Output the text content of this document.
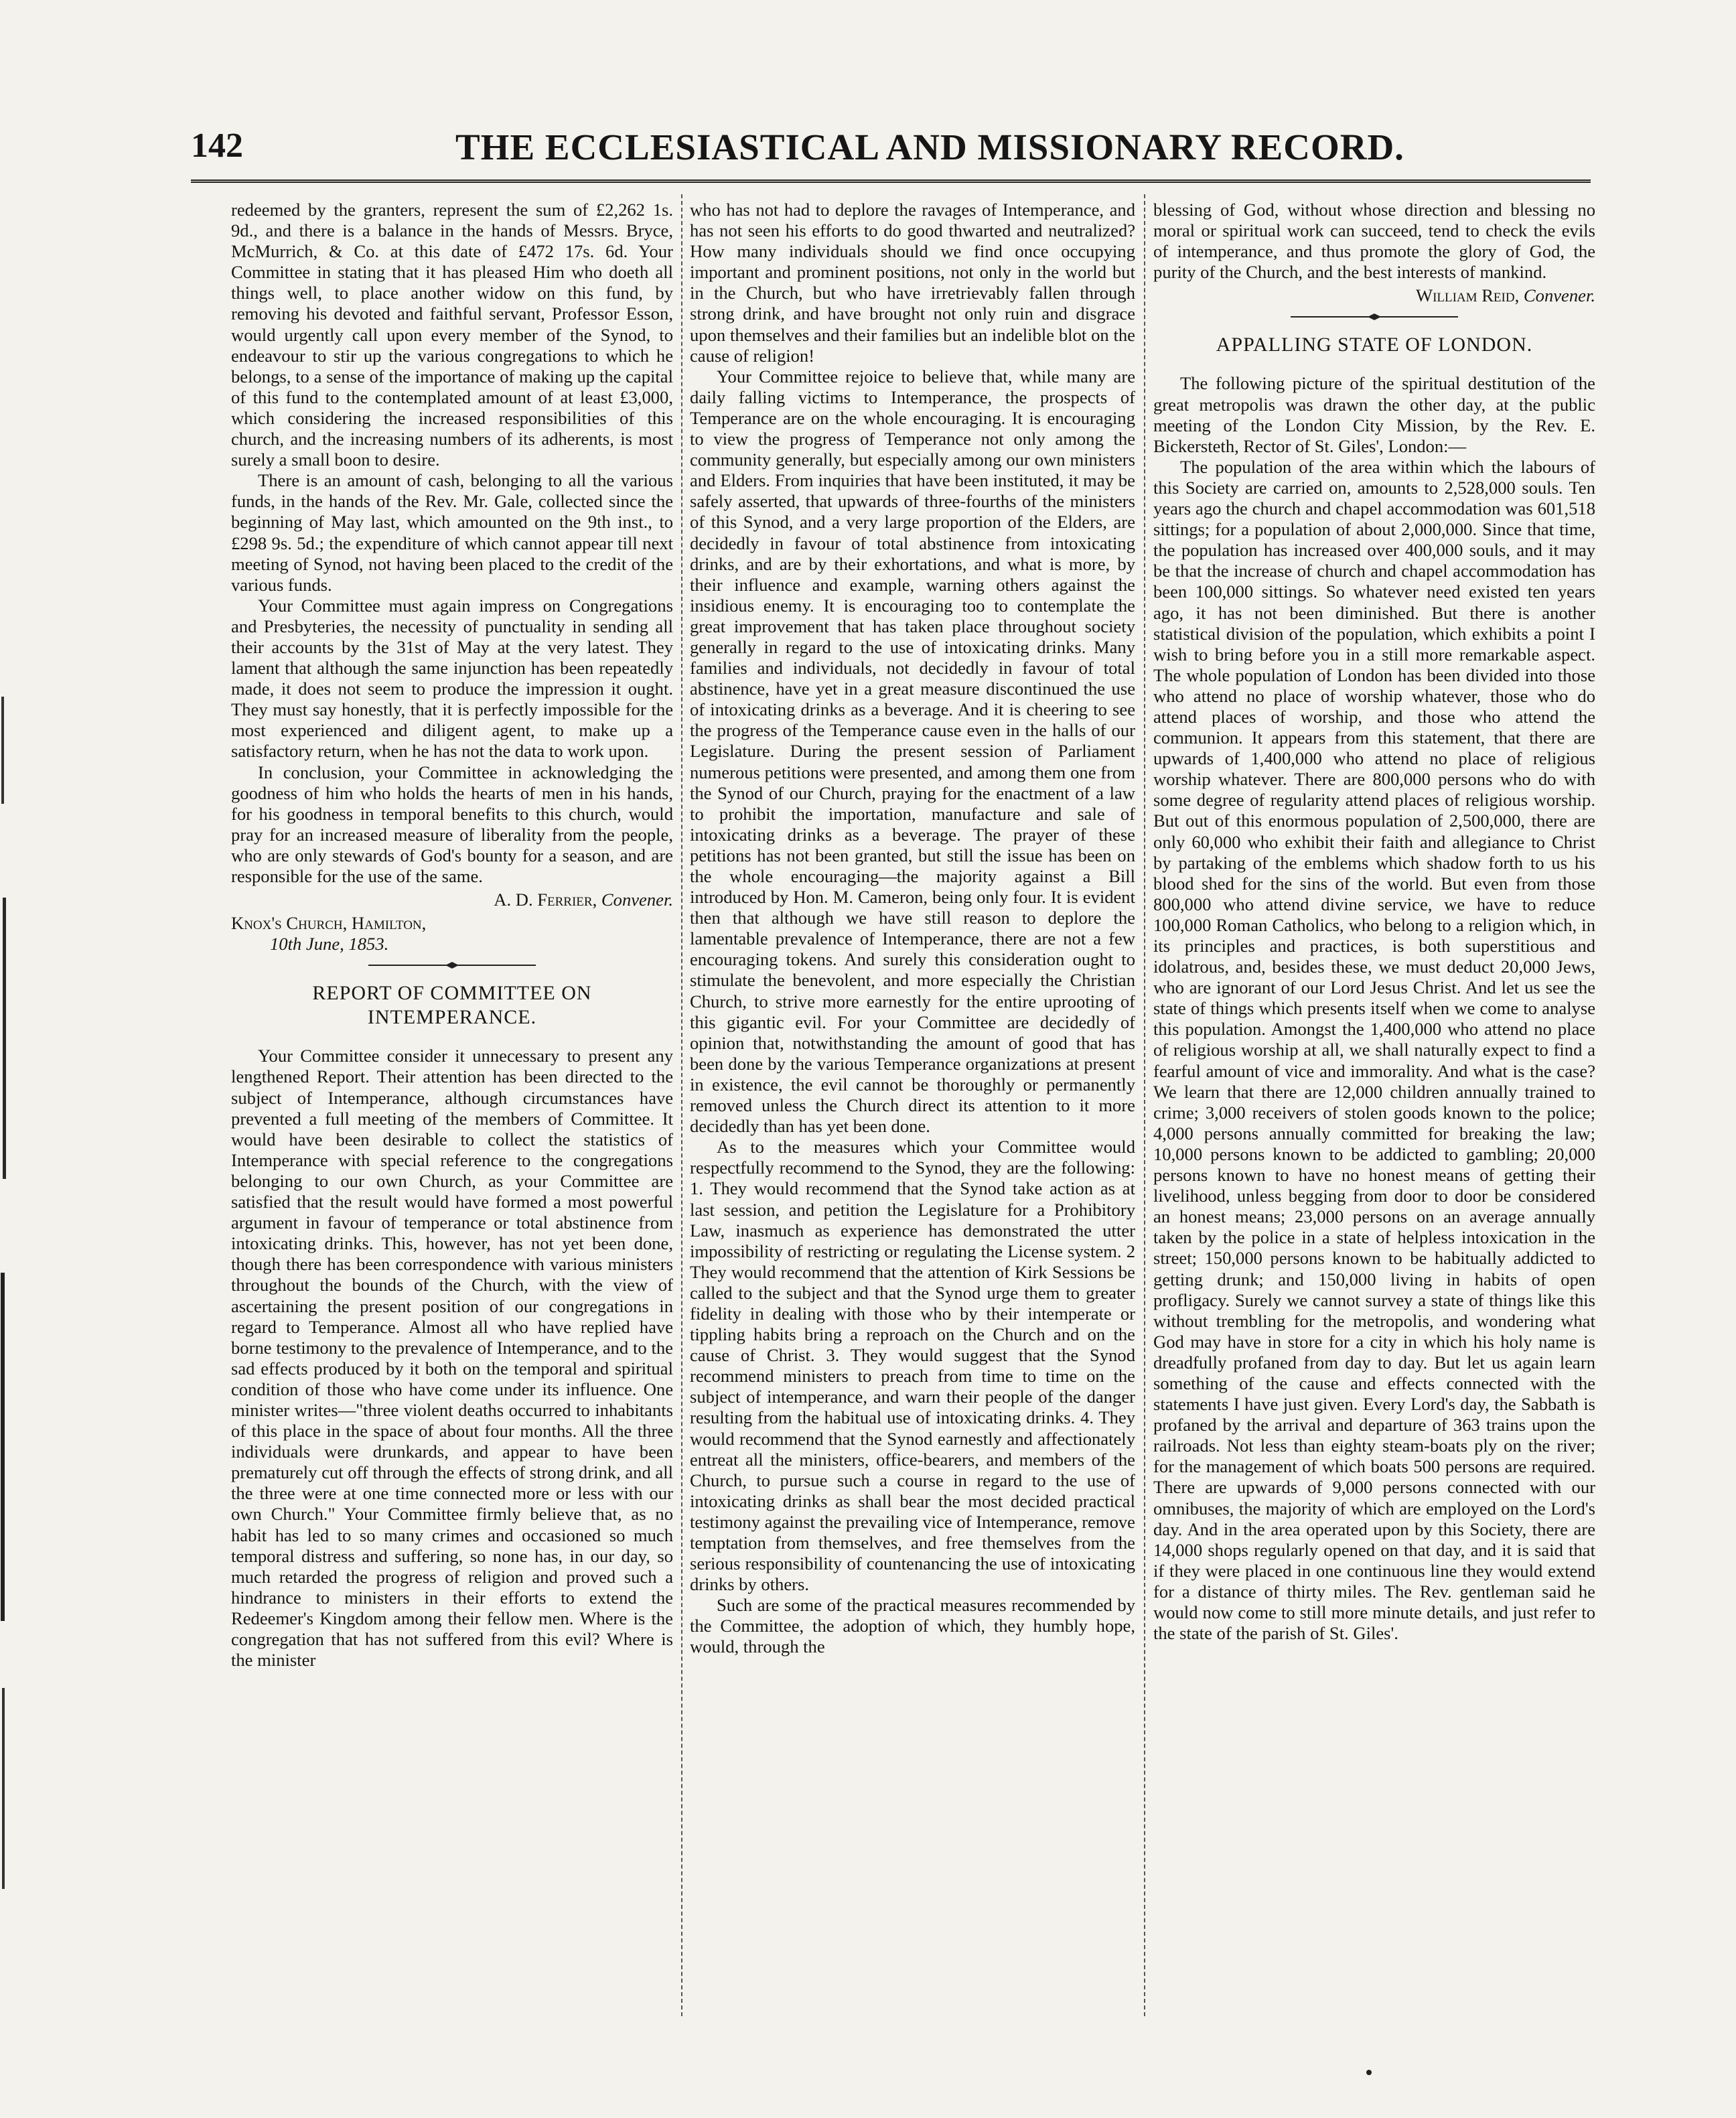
142	THE ECCLESIASTICAL AND MISSIONARY RECORD.

redeemed by the granters, represent the sum of £2,262 1s. 9d., and there is a balance in the hands of Messrs. Bryce, McMurrich, & Co. at this date of £472 17s. 6d. Your Committee in stating that it has pleased Him who doeth all things well, to place another widow on this fund, by removing his devoted and faithful servant, Professor Esson, would urgently call upon every member of the Synod, to endeavour to stir up the various congregations to which he belongs, to a sense of the importance of making up the capital of this fund to the contemplated amount of at least £3,000, which considering the increased responsibilities of this church, and the increasing numbers of its adherents, is most surely a small boon to desire.

There is an amount of cash, belonging to all the various funds, in the hands of the Rev. Mr. Gale, collected since the beginning of May last, which amounted on the 9th inst., to £298 9s. 5d.; the expenditure of which cannot appear till next meeting of Synod, not having been placed to the credit of the various funds.

Your Committee must again impress on Congregations and Presbyteries, the necessity of punctuality in sending all their accounts by the 31st of May at the very latest. They lament that although the same injunction has been repeatedly made, it does not seem to produce the impression it ought. They must say honestly, that it is perfectly impossible for the most experienced and diligent agent, to make up a satisfactory return, when he has not the data to work upon.

In conclusion, your Committee in acknowledging the goodness of him who holds the hearts of men in his hands, for his goodness in temporal benefits to this church, would pray for an increased measure of liberality from the people, who are only stewards of God's bounty for a season, and are responsible for the use of the same.

A. D. Ferrier, Convener.
Knox's Church, Hamilton,
10th June, 1853.
REPORT OF COMMITTEE ON INTEMPERANCE.

Your Committee consider it unnecessary to present any lengthened Report. Their attention has been directed to the subject of Intemperance, although circumstances have prevented a full meeting of the members of Committee. It would have been desirable to collect the statistics of Intemperance with special reference to the congregations belonging to our own Church, as your Committee are satisfied that the result would have formed a most powerful argument in favour of temperance or total abstinence from intoxicating drinks. This, however, has not yet been done, though there has been correspondence with various ministers throughout the bounds of the Church, with the view of ascertaining the present position of our congregations in regard to Temperance. Almost all who have replied have borne testimony to the prevalence of Intemperance, and to the sad effects produced by it both on the temporal and spiritual condition of those who have come under its influence. One minister writes—"three violent deaths occurred to inhabitants of this place in the space of about four months. All the three individuals were drunkards, and appear to have been prematurely cut off through the effects of strong drink, and all the three were at one time connected more or less with our own Church." Your Committee firmly believe that, as no habit has led to so many crimes and occasioned so much temporal distress and suffering, so none has, in our day, so much retarded the progress of religion and proved such a hindrance to ministers in their efforts to extend the Redeemer's Kingdom among their fellow men. Where is the congregation that has not suffered from this evil? Where is the minister

who has not had to deplore the ravages of Intemperance, and has not seen his efforts to do good thwarted and neutralized? How many individuals should we find once occupying important and prominent positions, not only in the world but in the Church, but who have irretrievably fallen through strong drink, and have brought not only ruin and disgrace upon themselves and their families but an indelible blot on the cause of religion!

Your Committee rejoice to believe that, while many are daily falling victims to Intemperance, the prospects of Temperance are on the whole encouraging. It is encouraging to view the progress of Temperance not only among the community generally, but especially among our own ministers and Elders. From inquiries that have been instituted, it may be safely asserted, that upwards of three-fourths of the ministers of this Synod, and a very large proportion of the Elders, are decidedly in favour of total abstinence from intoxicating drinks, and are by their exhortations, and what is more, by their influence and example, warning others against the insidious enemy. It is encouraging too to contemplate the great improvement that has taken place throughout society generally in regard to the use of intoxicating drinks. Many families and individuals, not decidedly in favour of total abstinence, have yet in a great measure discontinued the use of intoxicating drinks as a beverage. And it is cheering to see the progress of the Temperance cause even in the halls of our Legislature. During the present session of Parliament numerous petitions were presented, and among them one from the Synod of our Church, praying for the enactment of a law to prohibit the importation, manufacture and sale of intoxicating drinks as a beverage. The prayer of these petitions has not been granted, but still the issue has been on the whole encouraging—the majority against a Bill introduced by Hon. M. Cameron, being only four. It is evident then that although we have still reason to deplore the lamentable prevalence of Intemperance, there are not a few encouraging tokens. And surely this consideration ought to stimulate the benevolent, and more especially the Christian Church, to strive more earnestly for the entire uprooting of this gigantic evil. For your Committee are decidedly of opinion that, notwithstanding the amount of good that has been done by the various Temperance organizations at present in existence, the evil cannot be thoroughly or permanently removed unless the Church direct its attention to it more decidedly than has yet been done.

As to the measures which your Committee would respectfully recommend to the Synod, they are the following: 1. They would recommend that the Synod take action as at last session, and petition the Legislature for a Prohibitory Law, inasmuch as experience has demonstrated the utter impossibility of restricting or regulating the License system. 2 They would recommend that the attention of Kirk Sessions be called to the subject and that the Synod urge them to greater fidelity in dealing with those who by their intemperate or tippling habits bring a reproach on the Church and on the cause of Christ. 3. They would suggest that the Synod recommend ministers to preach from time to time on the subject of intemperance, and warn their people of the danger resulting from the habitual use of intoxicating drinks. 4. They would recommend that the Synod earnestly and affectionately entreat all the ministers, office-bearers, and members of the Church, to pursue such a course in regard to the use of intoxicating drinks as shall bear the most decided practical testimony against the prevailing vice of Intemperance, remove temptation from themselves, and free themselves from the serious responsibility of countenancing the use of intoxicating drinks by others.

Such are some of the practical measures recommended by the Committee, the adoption of which, they humbly hope, would, through the

blessing of God, without whose direction and blessing no moral or spiritual work can succeed, tend to check the evils of intemperance, and thus promote the glory of God, the purity of the Church, and the best interests of mankind.

William Reid, Convener.
APPALLING STATE OF LONDON.

The following picture of the spiritual destitution of the great metropolis was drawn the other day, at the public meeting of the London City Mission, by the Rev. E. Bickersteth, Rector of St. Giles', London:—

The population of the area within which the labours of this Society are carried on, amounts to 2,528,000 souls. Ten years ago the church and chapel accommodation was 601,518 sittings; for a population of about 2,000,000. Since that time, the population has increased over 400,000 souls, and it may be that the increase of church and chapel accommodation has been 100,000 sittings. So whatever need existed ten years ago, it has not been diminished. But there is another statistical division of the population, which exhibits a point I wish to bring before you in a still more remarkable aspect. The whole population of London has been divided into those who attend no place of worship whatever, those who do attend places of worship, and those who attend the communion. It appears from this statement, that there are upwards of 1,400,000 who attend no place of religious worship whatever. There are 800,000 persons who do with some degree of regularity attend places of religious worship. But out of this enormous population of 2,500,000, there are only 60,000 who exhibit their faith and allegiance to Christ by partaking of the emblems which shadow forth to us his blood shed for the sins of the world. But even from those 800,000 who attend divine service, we have to reduce 100,000 Roman Catholics, who belong to a religion which, in its principles and practices, is both superstitious and idolatrous, and, besides these, we must deduct 20,000 Jews, who are ignorant of our Lord Jesus Christ. And let us see the state of things which presents itself when we come to analyse this population. Amongst the 1,400,000 who attend no place of religious worship at all, we shall naturally expect to find a fearful amount of vice and immorality. And what is the case? We learn that there are 12,000 children annually trained to crime; 3,000 receivers of stolen goods known to the police; 4,000 persons annually committed for breaking the law; 10,000 persons known to be addicted to gambling; 20,000 persons known to have no honest means of getting their livelihood, unless begging from door to door be considered an honest means; 23,000 persons on an average annually taken by the police in a state of helpless intoxication in the street; 150,000 persons known to be habitually addicted to getting drunk; and 150,000 living in habits of open profligacy. Surely we cannot survey a state of things like this without trembling for the metropolis, and wondering what God may have in store for a city in which his holy name is dreadfully profaned from day to day. But let us again learn something of the cause and effects connected with the statements I have just given. Every Lord's day, the Sabbath is profaned by the arrival and departure of 363 trains upon the railroads. Not less than eighty steam-boats ply on the river; for the management of which boats 500 persons are required. There are upwards of 9,000 persons connected with our omnibuses, the majority of which are employed on the Lord's day. And in the area operated upon by this Society, there are 14,000 shops regularly opened on that day, and it is said that if they were placed in one continuous line they would extend for a distance of thirty miles. The Rev. gentleman said he would now come to still more minute details, and just refer to the state of the parish of St. Giles'.
